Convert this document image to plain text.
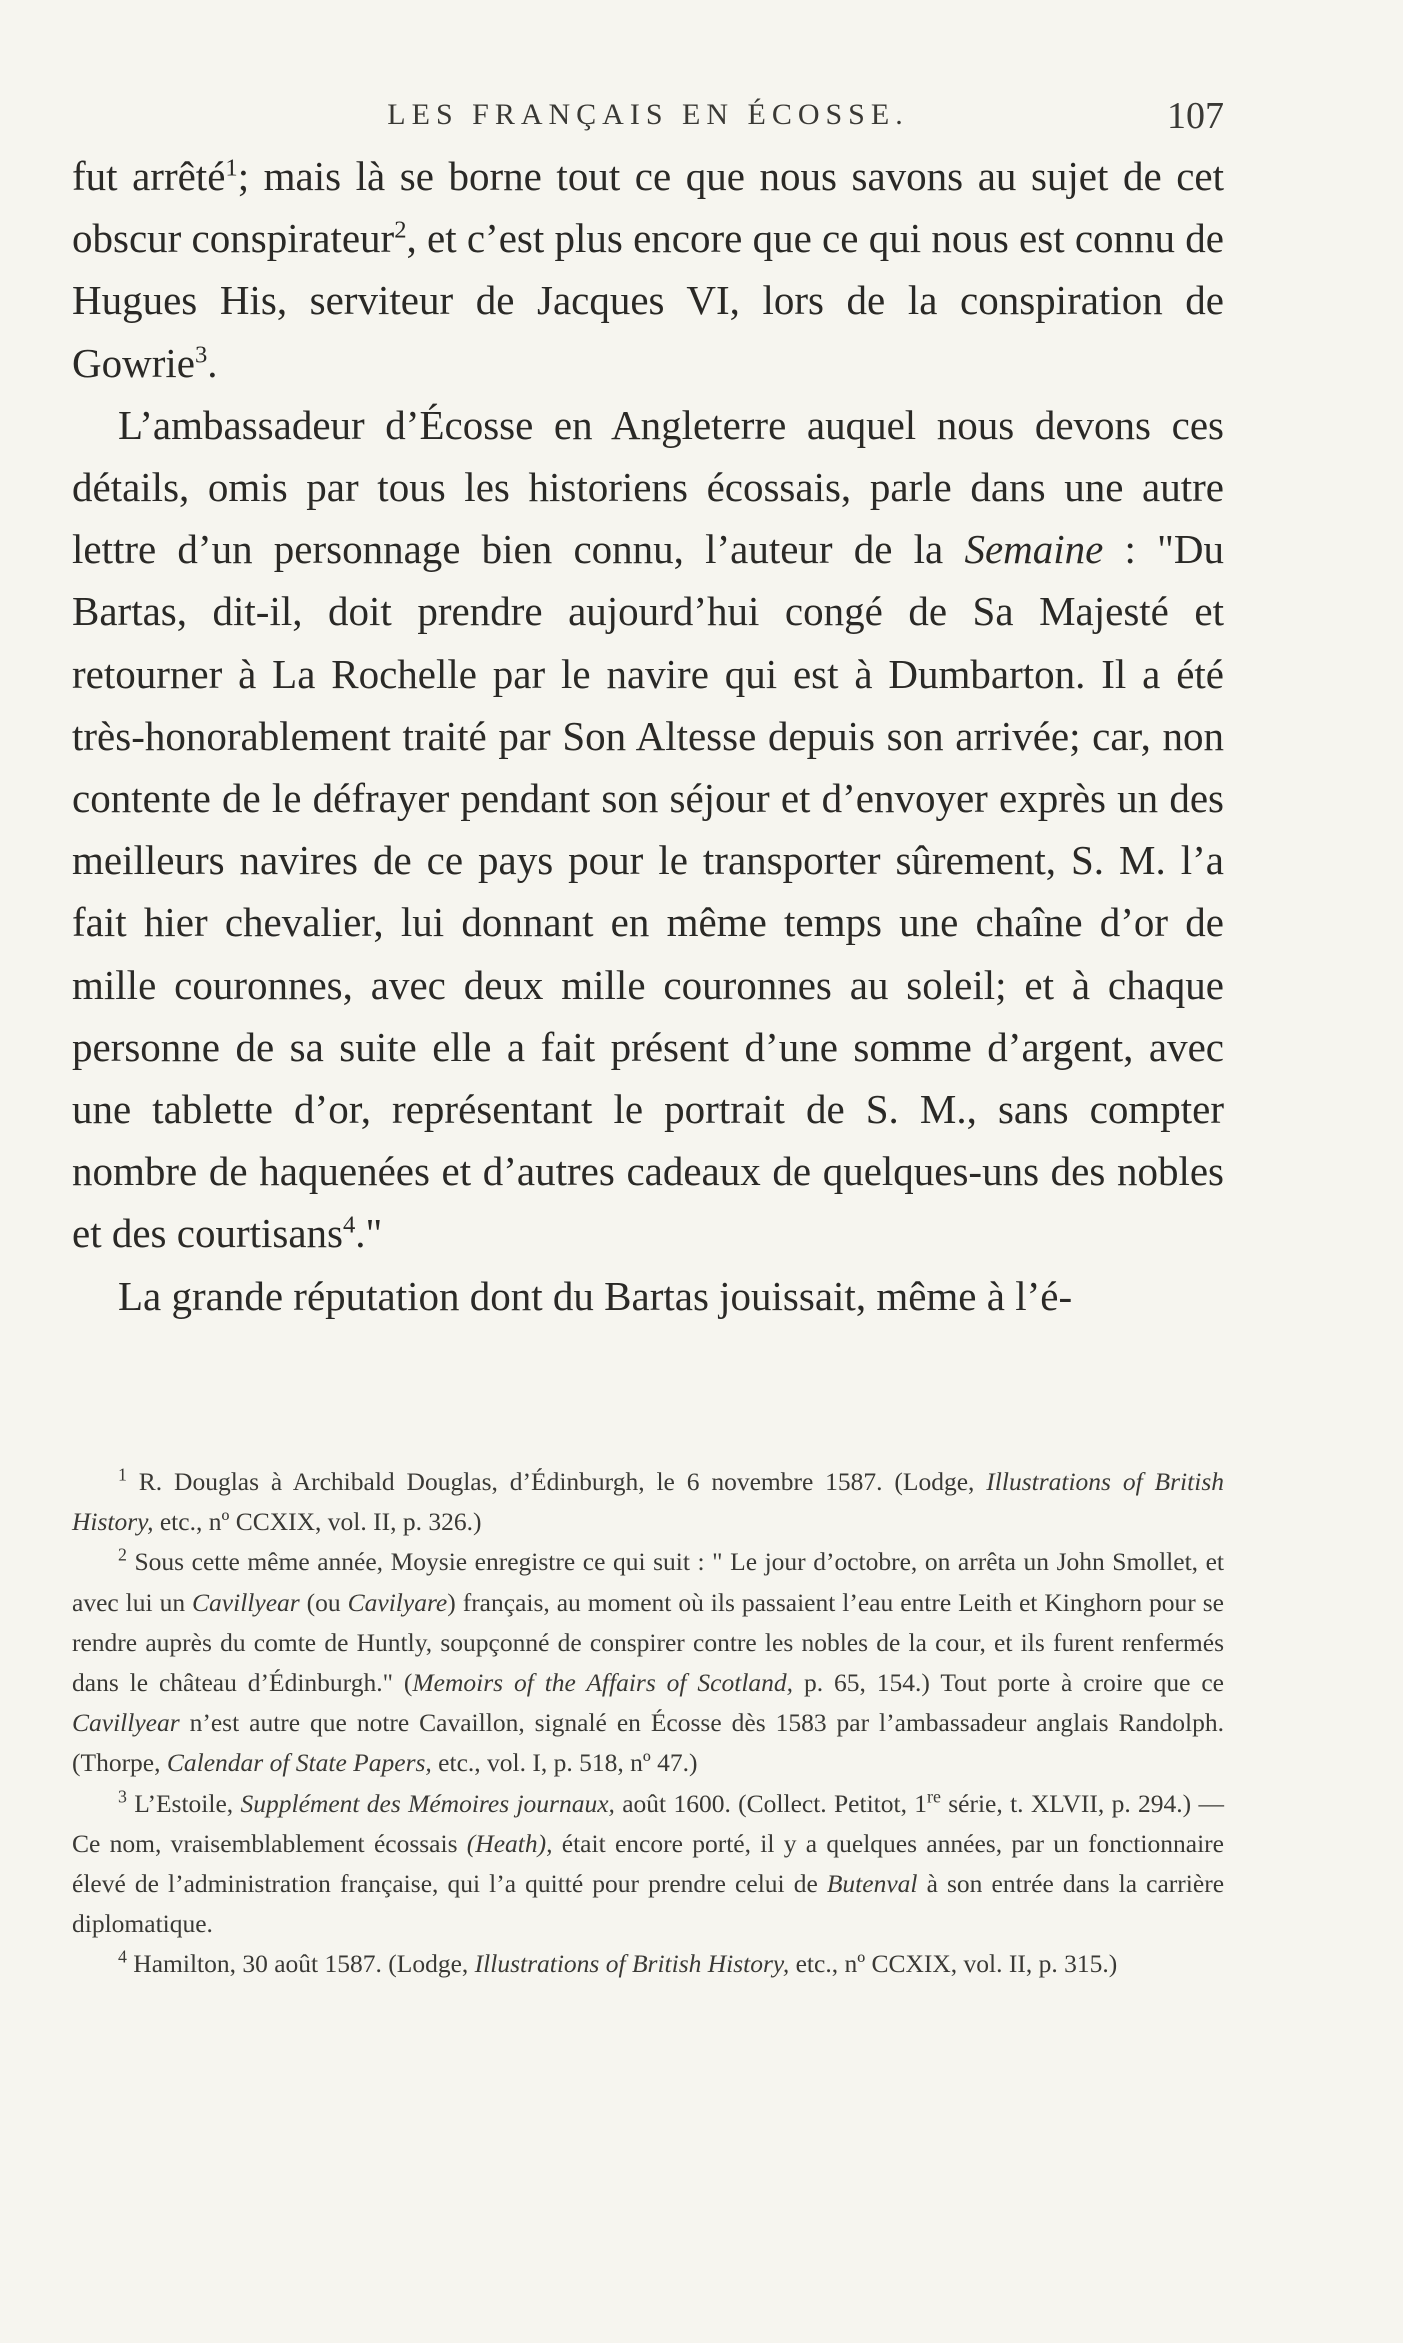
LES FRANÇAIS EN ÉCOSSE.	107

fut arrêté$^1$; mais là se borne tout ce que nous savons au sujet de cet obscur conspirateur$^2$, et c’est plus encore que ce qui nous est connu de Hugues His, serviteur de Jacques VI, lors de la conspiration de Gowrie$^3$.

L’ambassadeur d’Écosse en Angleterre auquel nous devons ces détails, omis par tous les historiens écossais, parle dans une autre lettre d’un personnage bien connu, l’auteur de la Semaine : "Du Bartas, dit-il, doit prendre aujourd’hui congé de Sa Majesté et retourner à La Rochelle par le navire qui est à Dumbarton. Il a été très-honorablement traité par Son Altesse depuis son arrivée; car, non contente de le défrayer pendant son séjour et d’envoyer exprès un des meilleurs navires de ce pays pour le transporter sûrement, S. M. l’a fait hier chevalier, lui donnant en même temps une chaîne d’or de mille couronnes, avec deux mille couronnes au soleil; et à chaque personne de sa suite elle a fait présent d’une somme d’argent, avec une tablette d’or, représentant le portrait de S. M., sans compter nombre de haquenées et d’autres cadeaux de quelques-uns des nobles et des courtisans$^4$."

La grande réputation dont du Bartas jouissait, même à l’é-

$^1$ R. Douglas à Archibald Douglas, d’Édinburgh, le 6 novembre 1587. (Lodge, Illustrations of British History, etc., nº CCXIX, vol. II, p. 326.)

$^2$ Sous cette même année, Moysie enregistre ce qui suit : " Le jour d’octobre, on arrêta un John Smollet, et avec lui un Cavillyear (ou Cavilyare) français, au moment où ils passaient l’eau entre Leith et Kinghorn pour se rendre auprès du comte de Huntly, soupçonné de conspirer contre les nobles de la cour, et ils furent renfermés dans le château d’Édinburgh." (Memoirs of the Affairs of Scotland, p. 65, 154.) Tout porte à croire que ce Cavillyear n’est autre que notre Cavaillon, signalé en Écosse dès 1583 par l’ambassadeur anglais Randolph. (Thorpe, Calendar of State Papers, etc., vol. I, p. 518, nº 47.)

$^3$ L’Estoile, Supplément des Mémoires journaux, août 1600. (Collect. Petitot, 1re série, t. XLVII, p. 294.) — Ce nom, vraisemblablement écossais (Heath), était encore porté, il y a quelques années, par un fonctionnaire élevé de l’administration française, qui l’a quitté pour prendre celui de Butenval à son entrée dans la carrière diplomatique.

$^4$ Hamilton, 30 août 1587. (Lodge, Illustrations of British History, etc., nº CCXIX, vol. II, p. 315.)
